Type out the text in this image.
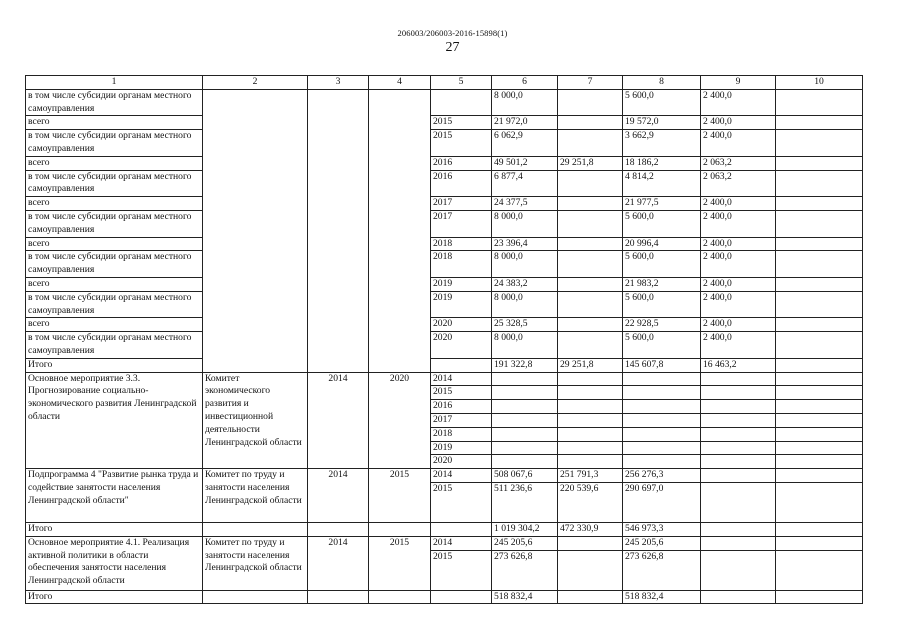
206003/206003-2016-15898(1)
27
1	2	3	4	5	6	7	8	9	10
в том числе субсидии органам местного самоуправления					8 000,0		5 600,0	2 400,0	
всего				2015	21 972,0		19 572,0	2 400,0	
в том числе субсидии органам местного самоуправления				2015	6 062,9		3 662,9	2 400,0	
всего				2016	49 501,2	29 251,8	18 186,2	2 063,2	
в том числе субсидии органам местного самоуправления				2016	6 877,4		4 814,2	2 063,2	
всего				2017	24 377,5		21 977,5	2 400,0	
в том числе субсидии органам местного самоуправления				2017	8 000,0		5 600,0	2 400,0	
всего				2018	23 396,4		20 996,4	2 400,0	
в том числе субсидии органам местного самоуправления				2018	8 000,0		5 600,0	2 400,0	
всего				2019	24 383,2		21 983,2	2 400,0	
в том числе субсидии органам местного самоуправления				2019	8 000,0		5 600,0	2 400,0	
всего				2020	25 328,5		22 928,5	2 400,0	
в том числе субсидии органам местного самоуправления				2020	8 000,0		5 600,0	2 400,0	
Итого					191 322,8	29 251,8	145 607,8	16 463,2	
Основное мероприятие 3.3. Прогнозирование социально-экономического развития Ленинградской области	Комитет экономического развития и инвестиционной деятельности Ленинградской области	2014	2020	2014					
				2015					
				2016					
				2017					
				2018					
				2019					
				2020					
Подпрограмма 4 "Развитие рынка труда и содействие занятости населения Ленинградской области"	Комитет по труду и занятости населения Ленинградской области	2014	2015	2014	508 067,6	251 791,3	256 276,3		
				2015	511 236,6	220 539,6	290 697,0		
Итого					1 019 304,2	472 330,9	546 973,3		
Основное мероприятие 4.1. Реализация активной политики в области обеспечения занятости населения Ленинградской области	Комитет по труду и занятости населения Ленинградской области	2014	2015	2014	245 205,6		245 205,6		
				2015	273 626,8		273 626,8		
Итого					518 832,4		518 832,4		
